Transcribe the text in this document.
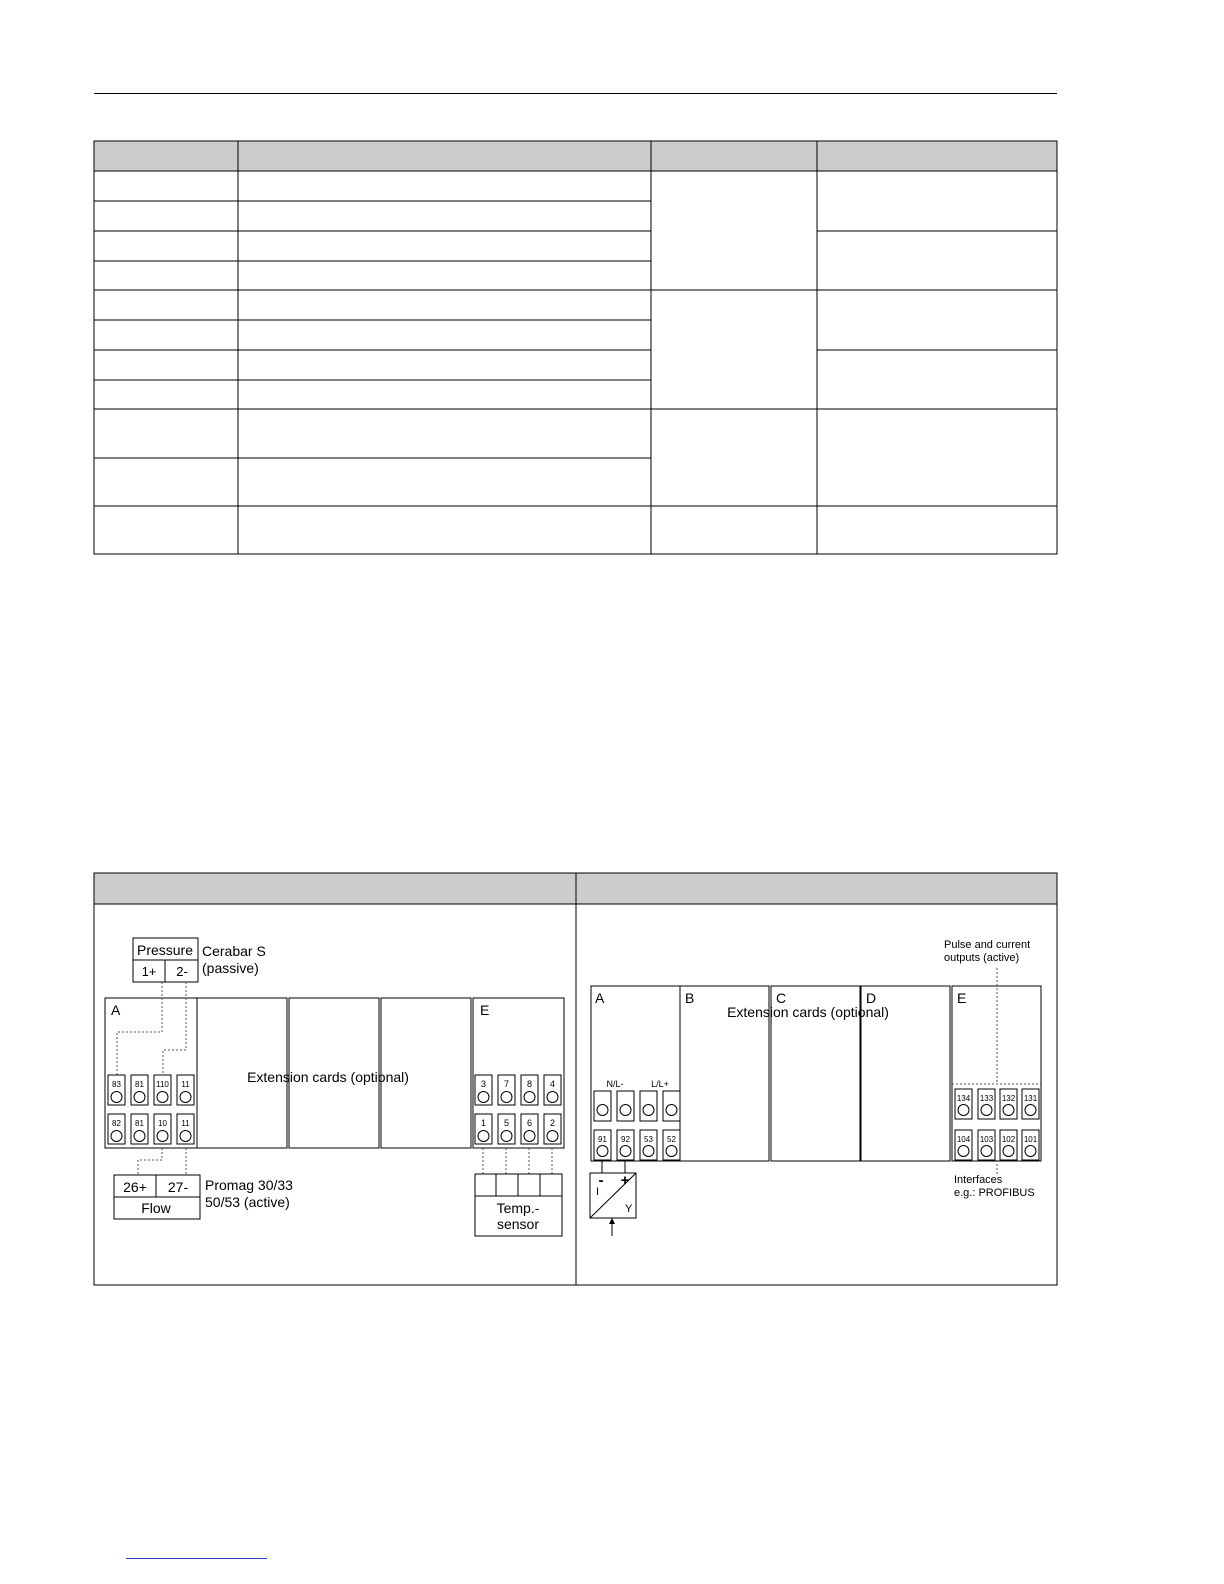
Pressure
1+ 2-
Cerabar S
(passive)
A	E
Extension cards (optional)
83 81 110 11
82 81 10 11
3 7 8 4
1 5 6 2
26+ 27-
Flow
Promag 30/33
50/53 (active)	Temp.-
sensor
Pulse and current
outputs (active)
A	B	C	D	E
Extension cards (optional)
N/L-	L/L+
91 92 53 52
134 133 132 131
104 103 102 101
Interfaces
e.g.: PROFIBUS
- +
I
Y
